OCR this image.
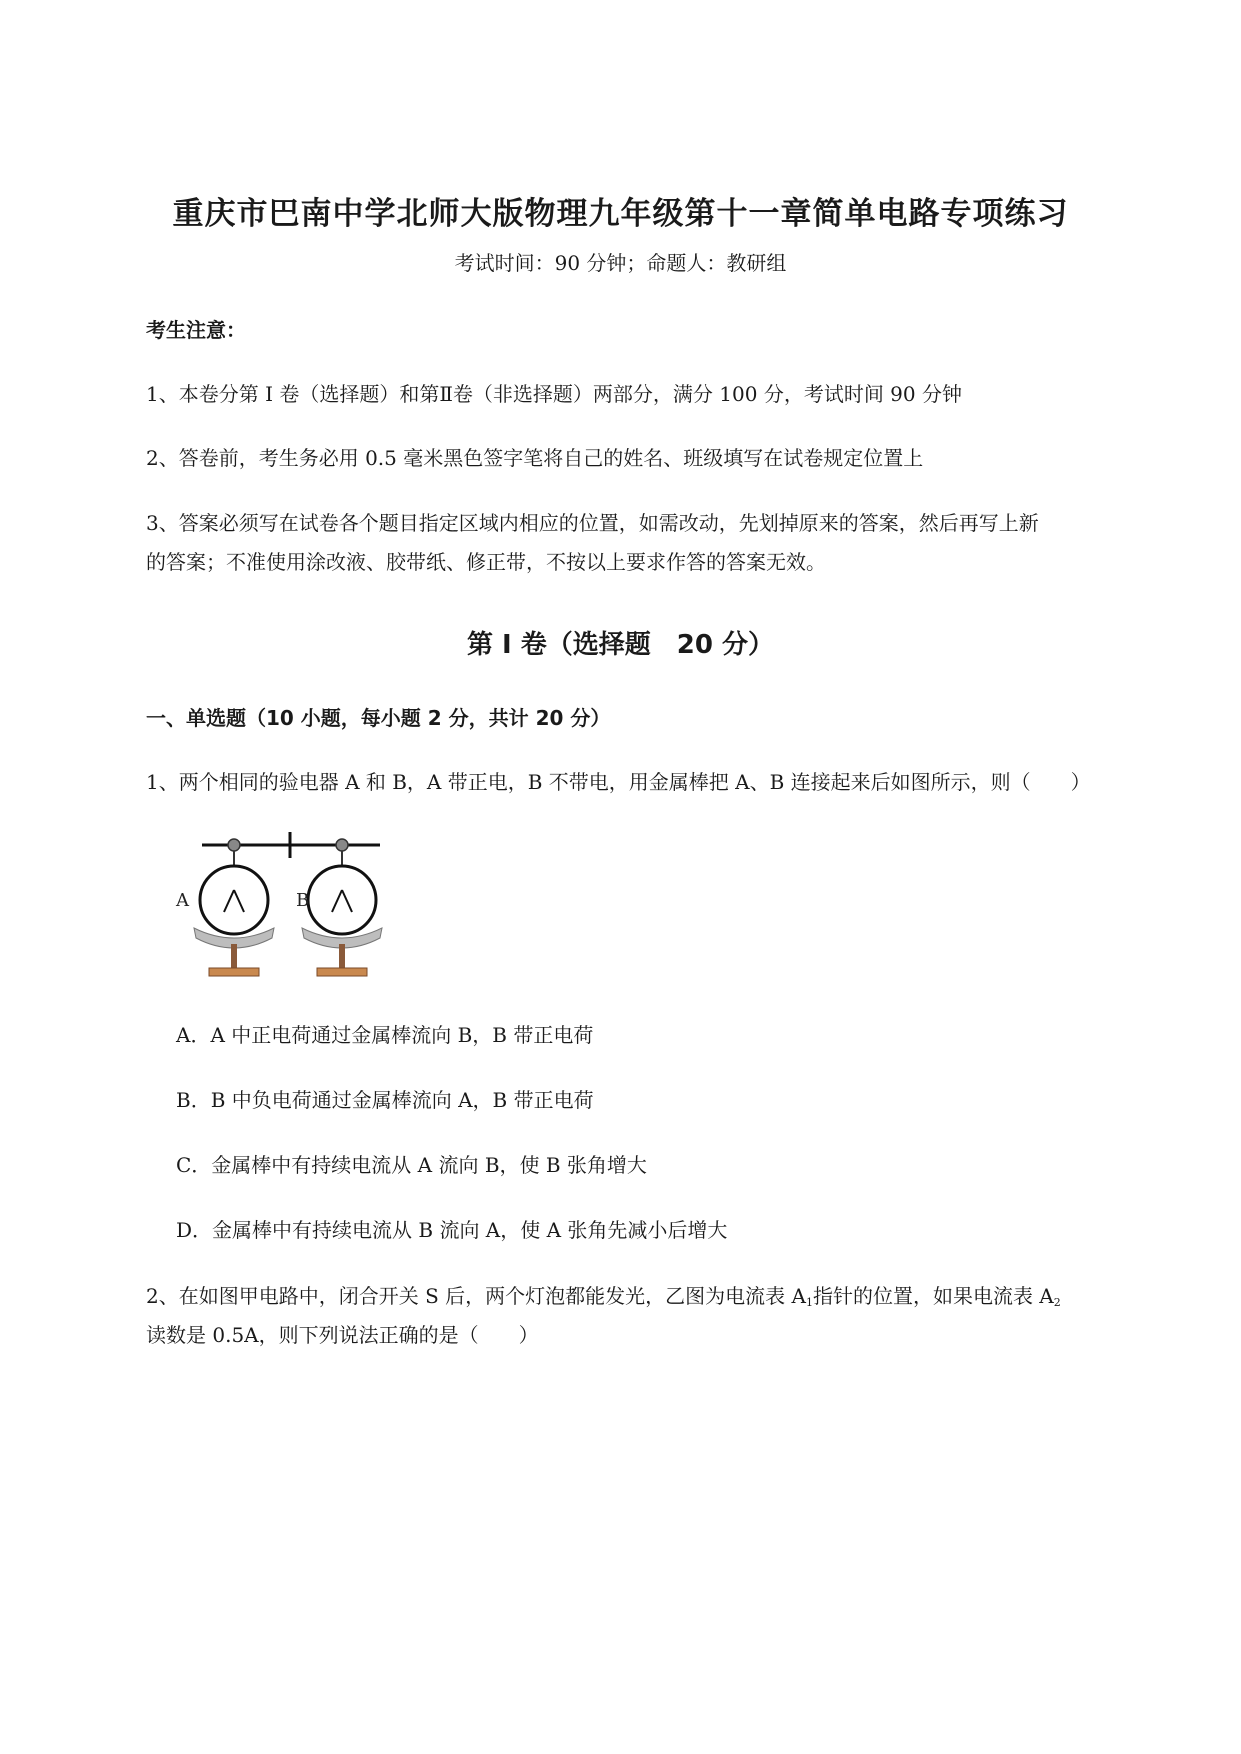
重庆市巴南中学北师大版物理九年级第十一章简单电路专项练习
考试时间：90 分钟；命题人：教研组
考生注意：
1、本卷分第 I 卷（选择题）和第Ⅱ卷（非选择题）两部分，满分 100 分，考试时间 90 分钟
2、答卷前，考生务必用 0.5 毫米黑色签字笔将自己的姓名、班级填写在试卷规定位置上
3、答案必须写在试卷各个题目指定区域内相应的位置，如需改动，先划掉原来的答案，然后再写上新
的答案；不准使用涂改液、胶带纸、修正带，不按以上要求作答的答案无效。
第 I 卷（选择题　20 分）
一、单选题（10 小题，每小题 2 分，共计 20 分）
1、两个相同的验电器 A 和 B，A 带正电，B 不带电，用金属棒把 A、B 连接起来后如图所示，则（　　）
A	B
A．A 中正电荷通过金属棒流向 B，B 带正电荷
B．B 中负电荷通过金属棒流向 A，B 带正电荷
C．金属棒中有持续电流从 A 流向 B，使 B 张角增大
D．金属棒中有持续电流从 B 流向 A，使 A 张角先减小后增大
2、在如图甲电路中，闭合开关 S 后，两个灯泡都能发光，乙图为电流表 $A_1$指针的位置，如果电流表 $A_2$
读数是 0.5A，则下列说法正确的是（　　）
